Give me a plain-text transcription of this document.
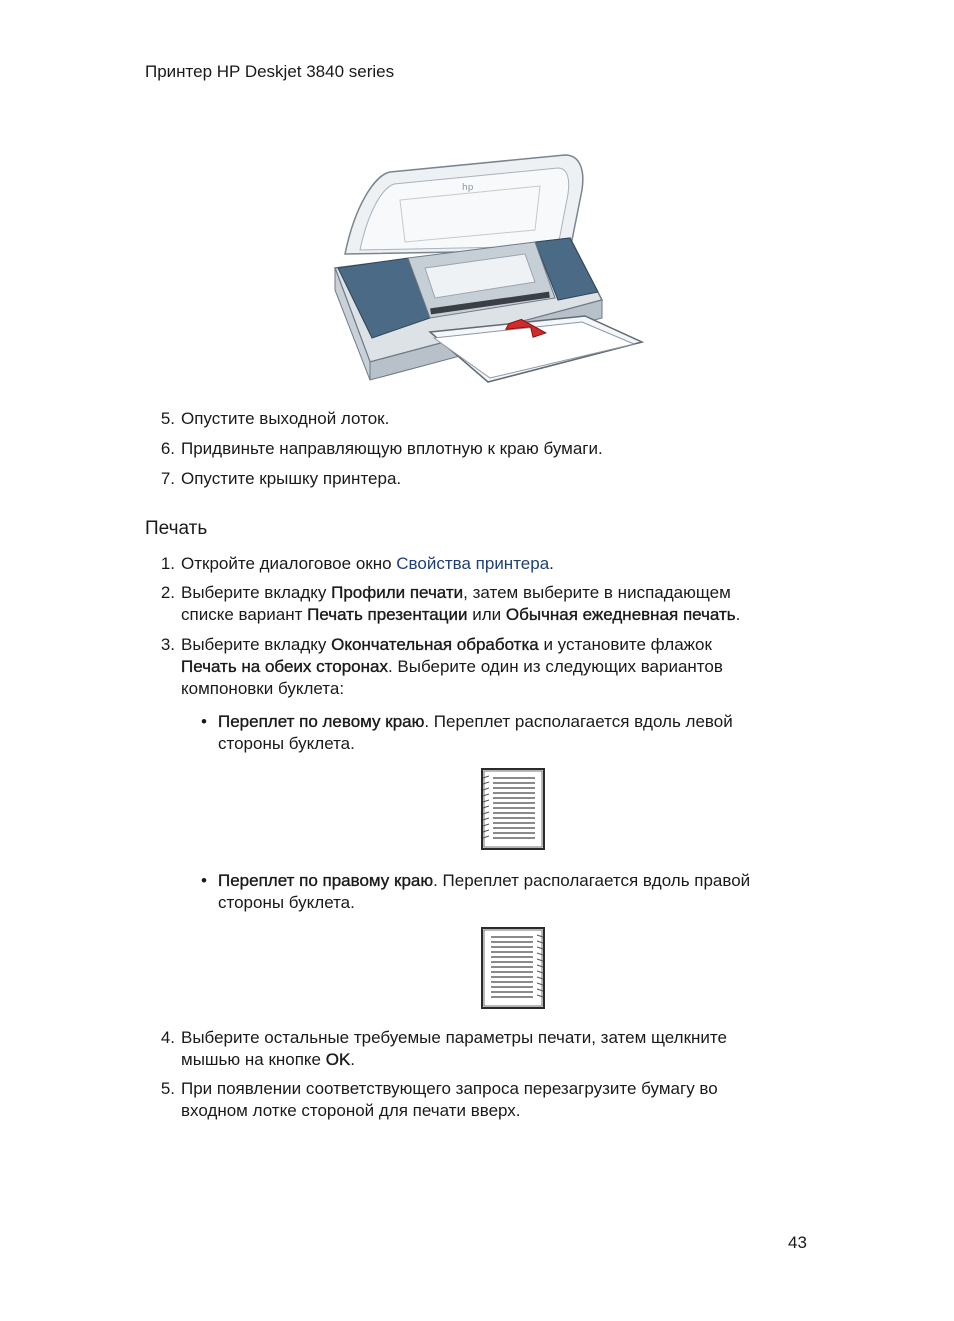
Принтер HP Deskjet 3840 series
hp
5. Опустите выходной лоток.
6. Придвиньте направляющую вплотную к краю бумаги.
7. Опустите крышку принтера.
Печать
1. Откройте диалоговое окно Свойства принтера.
2. Выберите вкладку Профили печати, затем выберите в ниспадающем
списке вариант Печать презентации или Обычная ежедневная печать.
3. Выберите вкладку Окончательная обработка и установите флажок
Печать на обеих сторонах. Выберите один из следующих вариантов
компоновки буклета:
• Переплет по левому краю. Переплет располагается вдоль левой
стороны буклета.
• Переплет по правому краю. Переплет располагается вдоль правой
стороны буклета.
4. Выберите остальные требуемые параметры печати, затем щелкните
мышью на кнопке OK.
5. При появлении соответствующего запроса перезагрузите бумагу во
входном лотке стороной для печати вверх.
43
